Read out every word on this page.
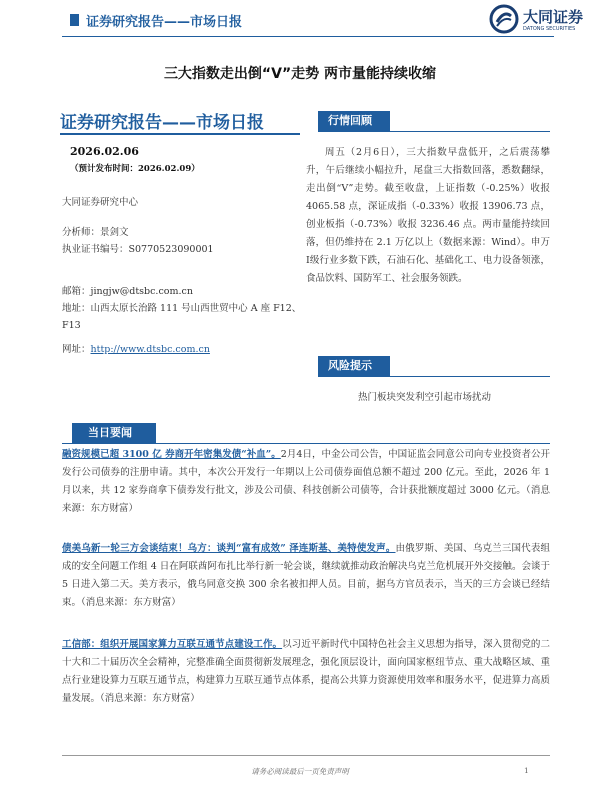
证券研究报告——市场日报	大同证券
DATONG SECURITIES
三大指数走出倒“V”走势 两市量能持续收缩
证券研究报告——市场日报
2026.02.06
（预计发布时间：2026.02.09）
大同证券研究中心
分析师：景剑文
执业证书编号：S0770523090001
邮箱：jingjw@dtsbc.com.cn
地址：山西太原长治路 111 号山西世贸中心 A 座 F12、F13
网址：http://www.dtsbc.com.cn
行情回顾
周五（2月6日），三大指数早盘低开，之后震荡攀升，午后继续小幅拉升，尾盘三大指数回落，悉数翻绿，走出倒“V”走势。截至收盘，上证指数（-0.25%）收报 4065.58 点，深证成指（-0.33%）收报 13906.73 点，创业板指（-0.73%）收报 3236.46 点。两市量能持续回落，但仍维持在 2.1 万亿以上（数据来源：Wind）。申万Ⅰ级行业多数下跌，石油石化、基础化工、电力设备领涨，食品饮料、国防军工、社会服务领跌。
风险提示
热门板块突发利空引起市场扰动
当日要闻
融资规模已超 3100 亿 券商开年密集发债“补血”。2月4日，中金公司公告，中国证监会同意公司向专业投资者公开发行公司债券的注册申请。其中，本次公开发行一年期以上公司债券面值总额不超过 200 亿元。至此，2026 年 1 月以来，共 12 家券商拿下债券发行批文，涉及公司债、科技创新公司债等，合计获批额度超过 3000 亿元。（消息来源：东方财富）
债美乌新一轮三方会谈结束！乌方：谈判“富有成效” 泽连斯基、美特使发声。由俄罗斯、美国、乌克兰三国代表组成的安全问题工作组 4 日在阿联酋阿布扎比举行新一轮会谈，继续就推动政治解决乌克兰危机展开外交接触。会谈于 5 日进入第二天。美方表示，俄乌同意交换 300 余名被扣押人员。目前，据乌方官员表示，当天的三方会谈已经结束。（消息来源：东方财富）
工信部：组织开展国家算力互联互通节点建设工作。以习近平新时代中国特色社会主义思想为指导，深入贯彻党的二十大和二十届历次全会精神，完整准确全面贯彻新发展理念，强化顶层设计，面向国家枢纽节点、重大战略区域、重点行业建设算力互联互通节点，构建算力互联互通节点体系，提高公共算力资源使用效率和服务水平，促进算力高质量发展。（消息来源：东方财富）
请务必阅读最后一页免责声明	1
